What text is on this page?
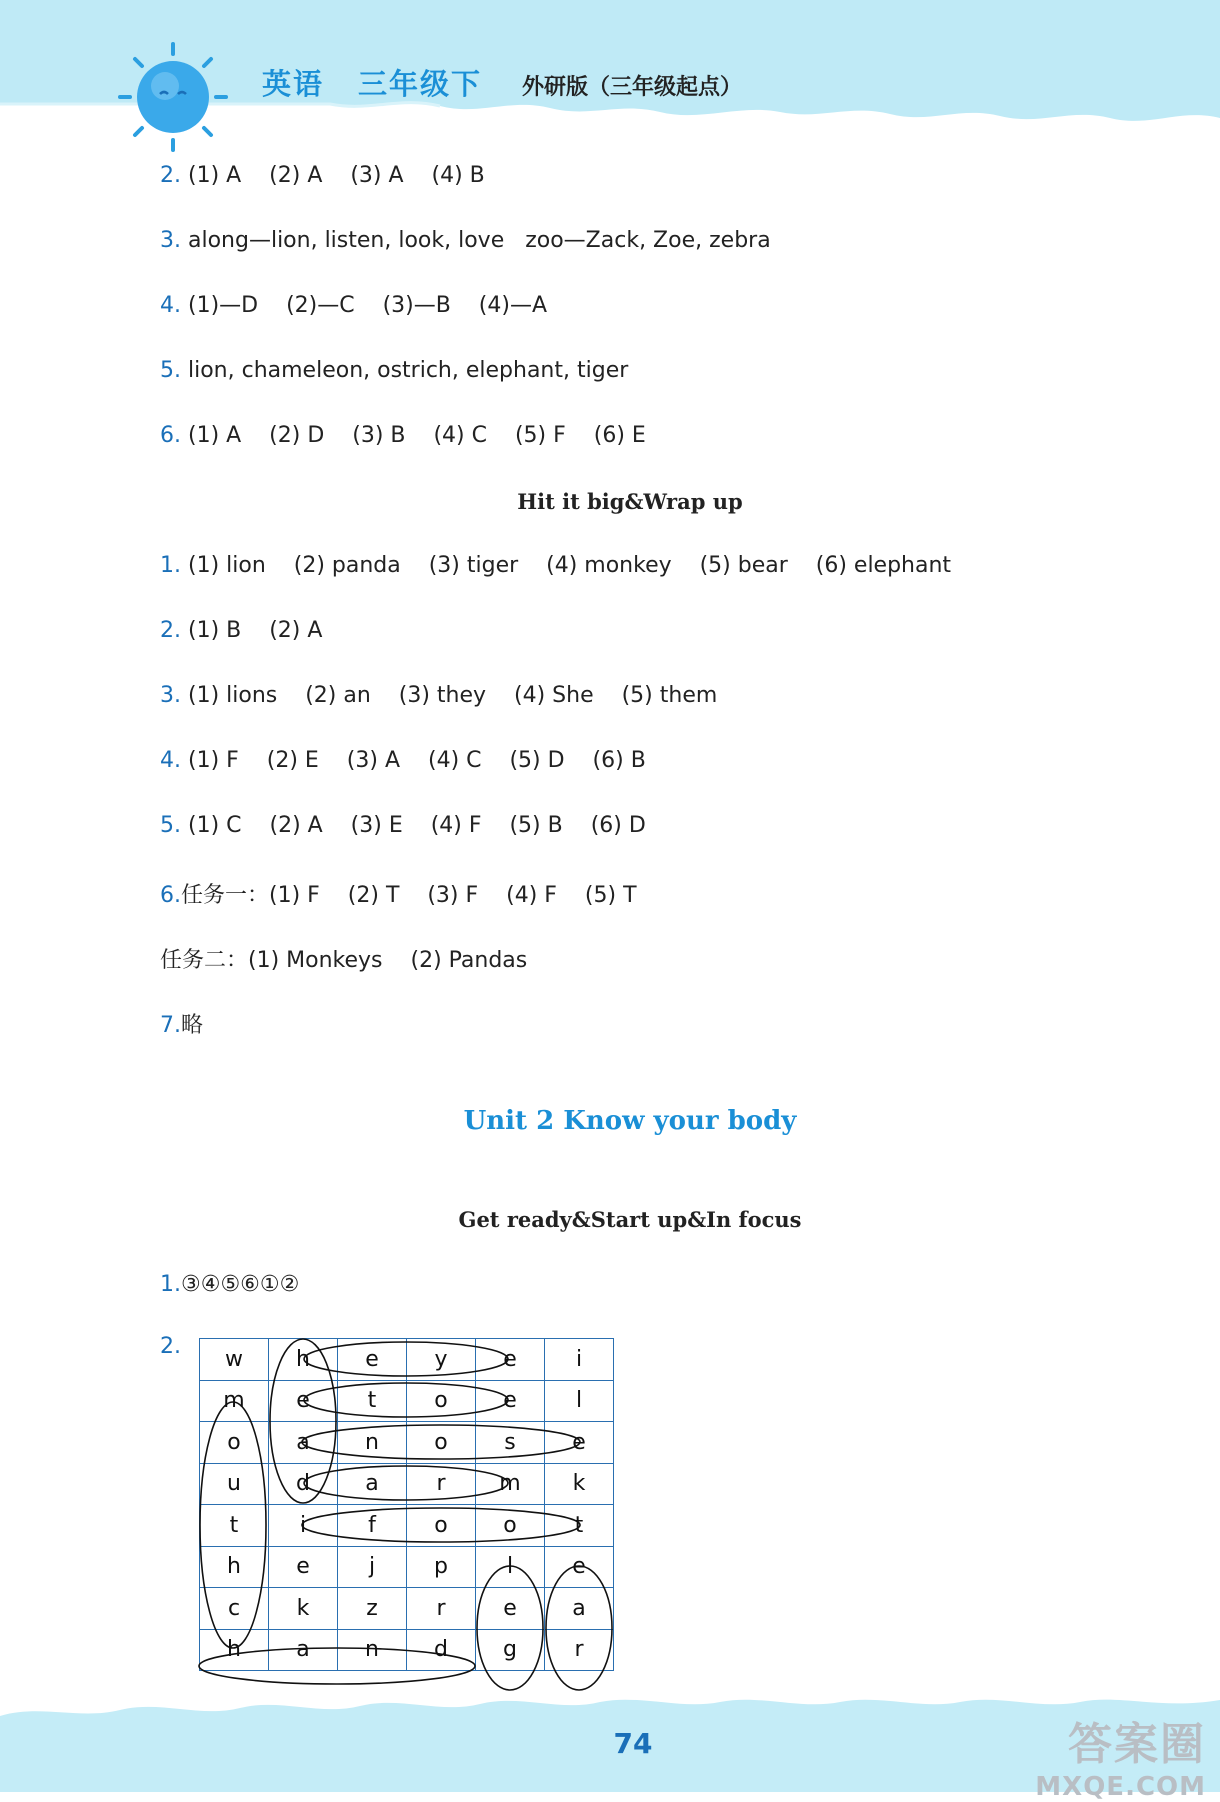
英语 三年级下 外研版（三年级起点）
2. (1) A    (2) A    (3) A    (4) B
3. along—lion, listen, look, love   zoo—Zack, Zoe, zebra
4. (1)—D    (2)—C    (3)—B    (4)—A
5. lion, chameleon, ostrich, elephant, tiger
6. (1) A    (2) D    (3) B    (4) C    (5) F    (6) E
Hit it big&Wrap up
1. (1) lion    (2) panda    (3) tiger    (4) monkey    (5) bear    (6) elephant
2. (1) B    (2) A
3. (1) lions    (2) an    (3) they    (4) She    (5) them
4. (1) F    (2) E    (3) A    (4) C    (5) D    (6) B
5. (1) C    (2) A    (3) E    (4) F    (5) B    (6) D
6.任务一：(1) F    (2) T    (3) F    (4) F    (5) T
任务二：(1) Monkeys    (2) Pandas
7.略
Unit 2 Know your body
Get ready&Start up&In focus
1.③④⑤⑥①②
2.
w	h	e	y	e	i
m	e	t	o	e	l
o	a	n	o	s	e
u	d	a	r	m	k
t	i	f	o	o	t
h	e	j	p	l	e
c	k	z	r	e	a
h	a	n	d	g	r
74	答案圈
MXQE.COM
